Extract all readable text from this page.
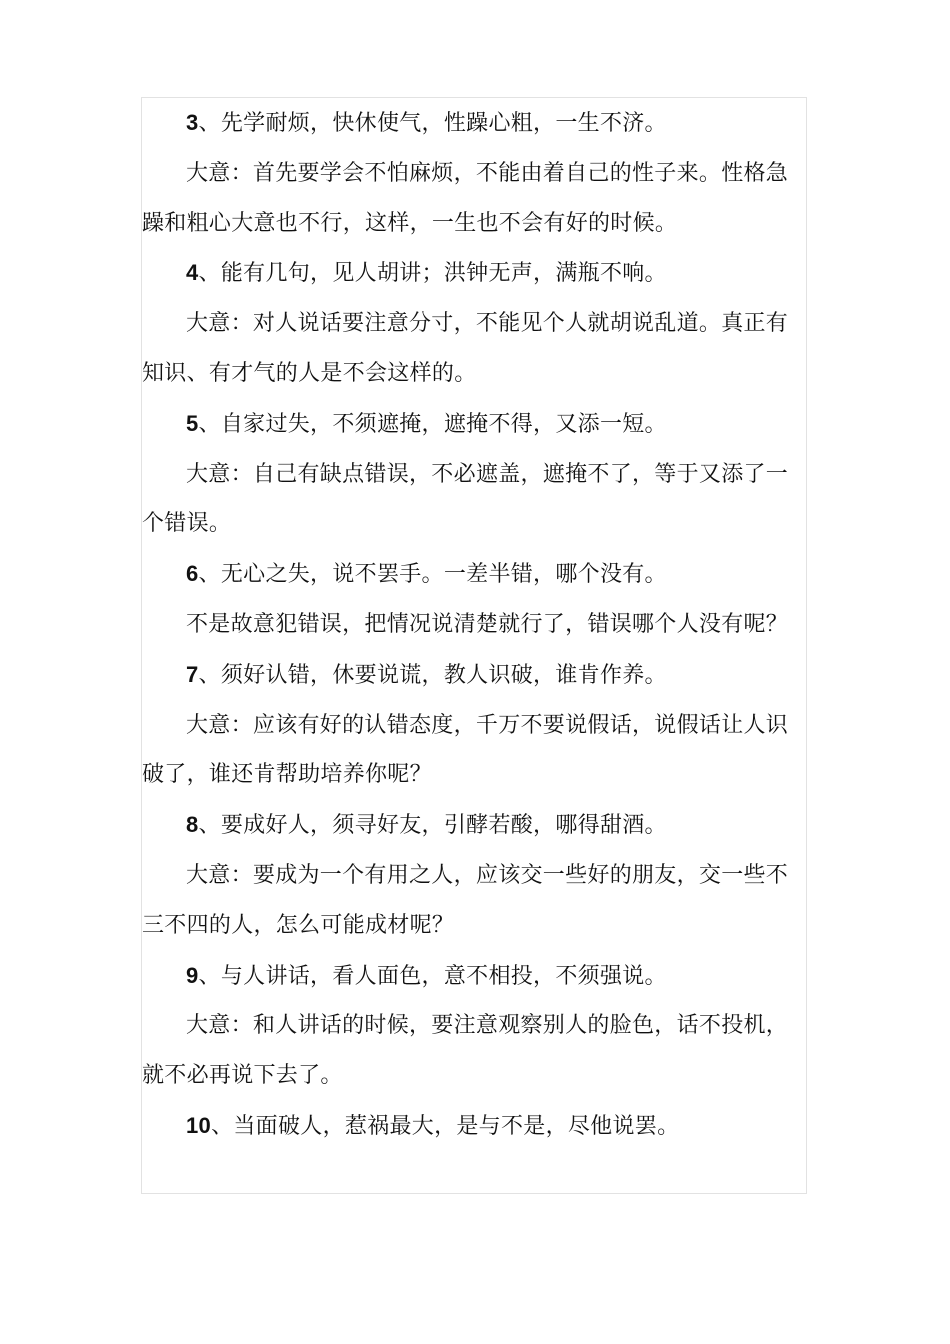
3、先学耐烦，快休使气，性躁心粗，一生不济。

大意：首先要学会不怕麻烦，不能由着自己的性子来。性格急躁和粗心大意也不行，这样，一生也不会有好的时候。

4、能有几句，见人胡讲；洪钟无声，满瓶不响。

大意：对人说话要注意分寸，不能见个人就胡说乱道。真正有知识、有才气的人是不会这样的。

5、自家过失，不须遮掩，遮掩不得，又添一短。

大意：自己有缺点错误，不必遮盖，遮掩不了，等于又添了一个错误。

6、无心之失，说不罢手。一差半错，哪个没有。

不是故意犯错误，把情况说清楚就行了，错误哪个人没有呢？

7、须好认错，休要说谎，教人识破，谁肯作养。

大意：应该有好的认错态度，千万不要说假话，说假话让人识破了，谁还肯帮助培养你呢？

8、要成好人，须寻好友，引酵若酸，哪得甜酒。

大意：要成为一个有用之人，应该交一些好的朋友，交一些不三不四的人，怎么可能成材呢？

9、与人讲话，看人面色，意不相投，不须强说。

大意：和人讲话的时候，要注意观察别人的脸色，话不投机，就不必再说下去了。

10、当面破人，惹祸最大，是与不是，尽他说罢。
